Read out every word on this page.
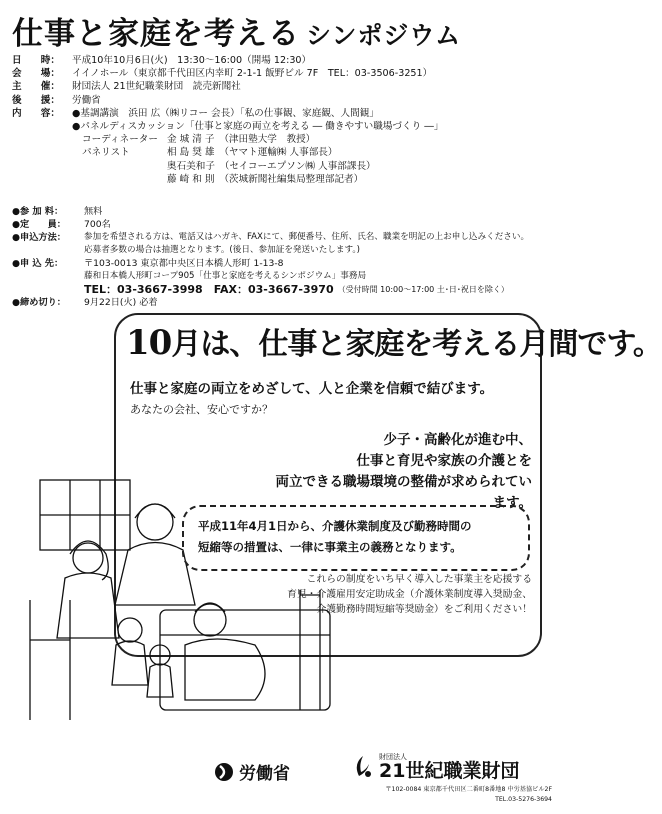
仕事と家庭を考える シンポジウム
日　　時：	平成10年10月6日(火)　13:30～16:00（開場 12:30）
会　　場：	イイノホール（東京都千代田区内幸町 2-1-1 飯野ビル 7F　TEL：03-3506-3251）
主　　催：	財団法人 21世紀職業財団　読売新聞社
後　　援：	労働省
内　　容：	●基調講演　浜田 広（㈱リコー 会長）「私の仕事観、家庭観、人間観」
●パネルディスカッション「仕事と家庭の両立を考える ― 働きやすい職場づくり ―」
コーディネーター 金 城 清 子　（津田塾大学　教授）
パネリスト	相 島 奨 雄　（ヤマト運輸㈱ 人事部長）
奥石美和子　（セイコーエプソン㈱ 人事部課長）
藤 崎 和 則　（茨城新聞社編集局整理部記者）
●参 加 料：	無料
●定　　員：	700名
●申込方法：	参加を希望される方は、電話又はハガキ、FAXにて、郵便番号、住所、氏名、職業を明記の上お申し込みください。
応募者多数の場合は抽選となります。(後日、参加証を発送いたします。)
●申 込 先：	〒103-0013 東京都中央区日本橋人形町 1-13-8
藤和日本橋人形町コープ905「仕事と家庭を考えるシンポジウム」事務局
TEL：03-3667-3998　FAX：03-3667-3970 （受付時間 10:00～17:00 土･日･祝日を除く）
●締め切り：	9月22日(火) 必着
10月は、仕事と家庭を考える月間です。
仕事と家庭の両立をめざして、人と企業を信頼で結びます。
あなたの会社、安心ですか？
少子・高齢化が進む中、
仕事と育児や家族の介護とを
両立できる職場環境の整備が求められています。

平成11年4月1日から、介護休業制度及び勤務時間の
短縮等の措置は、一律に事業主の義務となります。

これらの制度をいち早く導入した事業主を応援する
育児・介護雇用安定助成金（介護休業制度導入奨励金、
介護勤務時間短縮等奨励金）をご利用ください！
労働省
財団法人
21世紀職業財団
〒102-0084 東京都千代田区二番町8番地8 中労基協ビル2F
TEL.03-5276-3694
